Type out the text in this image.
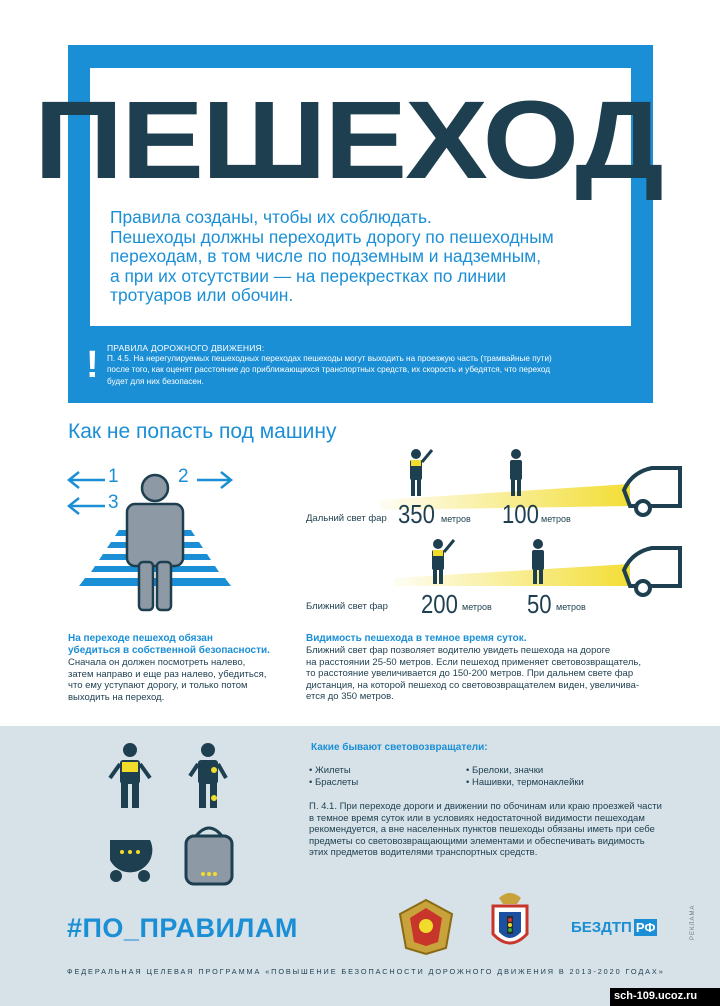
ПЕШЕХОД
Правила созданы, чтобы их соблюдать.
Пешеходы должны переходить дорогу по пешеходным
переходам, в том числе по подземным и надземным,
а при их отсутствии — на перекрестках по линии
тротуаров или обочин.
! ПРАВИЛА ДОРОЖНОГО ДВИЖЕНИЯ:
П. 4.5. На нерегулируемых пешеходных переходах пешеходы могут выходить на проезжую часть (трамвайные пути)
после того, как оценят расстояние до приближающихся транспортных средств, их скорость и убедятся, что переход
будет для них безопасен.
Как не попасть под машину
1	2
3
Дальний свет фар 350 метров 100 метров
Ближний свет фар 200 метров 50 метров
На переходе пешеход обязан
убедиться в собственной безопасности.
Сначала он должен посмотреть налево,
затем направо и еще раз налево, убедиться,
что ему уступают дорогу, и только потом
выходить на переход.
Видимость пешехода в темное время суток.
Ближний свет фар позволяет водителю увидеть пешехода на дороге
на расстоянии 25-50 метров. Если пешеход применяет световозвращатель,
то расстояние увеличивается до 150-200 метров. При дальнем свете фар
дистанция, на которой пешеход со световозвращателем виден, увеличива-
ется до 350 метров.
Какие бывают световозвращатели:
• Жилеты
• Браслеты
• Брелоки, значки
• Нашивки, термонаклейки
П. 4.1. При переходе дороги и движении по обочинам или краю проезжей части
в темное время суток или в условиях недостаточной видимости пешеходам
рекомендуется, а вне населенных пунктов пешеходы обязаны иметь при себе
предметы со световозвращающими элементами и обеспечивать видимость
этих предметов водителями транспортных средств.
#ПО_ПРАВИЛАМ	БЕЗДТП РФ	РЕКЛАМА
ФЕДЕРАЛЬНАЯ ЦЕЛЕВАЯ ПРОГРАММА «ПОВЫШЕНИЕ БЕЗОПАСНОСТИ ДОРОЖНОГО ДВИЖЕНИЯ В 2013-2020 ГОДАХ»
sch-109.ucoz.ru
